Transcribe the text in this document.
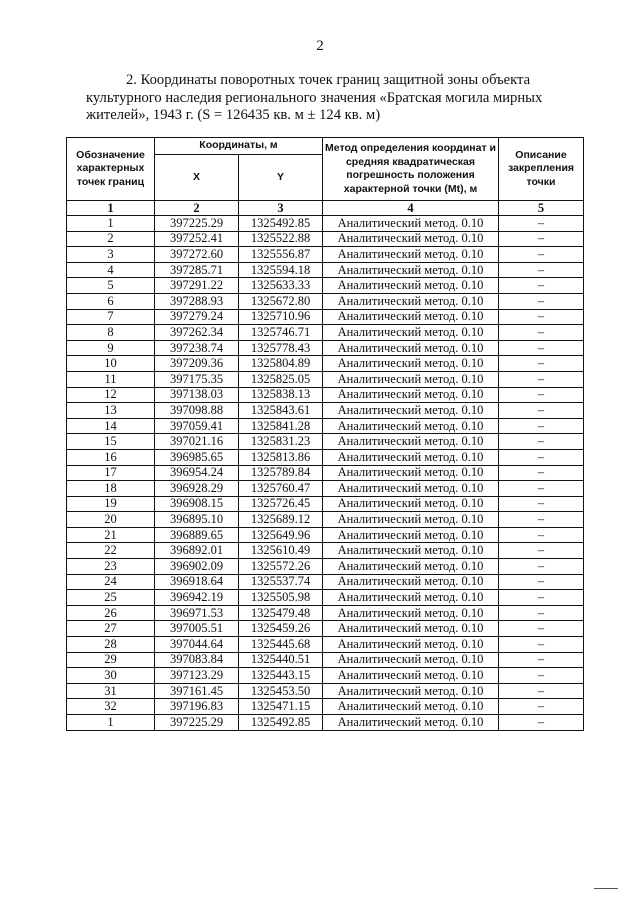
2
2. Координаты поворотных точек границ защитной зоны объекта
культурного наследия регионального значения «Братская могила мирных
жителей», 1943 г. (S = 126435 кв. м ± 124 кв. м)
Обозначение характерных точек границ	Координаты, м		Метод определения координат и средняя квадратическая погрешность положения характерной точки (Mt), м	Описание закрепления точки
	X	Y		
1	2	3	4	5
1	397225.29	1325492.85	Аналитический метод. 0.10	–
2	397252.41	1325522.88	Аналитический метод. 0.10	–
3	397272.60	1325556.87	Аналитический метод. 0.10	–
4	397285.71	1325594.18	Аналитический метод. 0.10	–
5	397291.22	1325633.33	Аналитический метод. 0.10	–
6	397288.93	1325672.80	Аналитический метод. 0.10	–
7	397279.24	1325710.96	Аналитический метод. 0.10	–
8	397262.34	1325746.71	Аналитический метод. 0.10	–
9	397238.74	1325778.43	Аналитический метод. 0.10	–
10	397209.36	1325804.89	Аналитический метод. 0.10	–
11	397175.35	1325825.05	Аналитический метод. 0.10	–
12	397138.03	1325838.13	Аналитический метод. 0.10	–
13	397098.88	1325843.61	Аналитический метод. 0.10	–
14	397059.41	1325841.28	Аналитический метод. 0.10	–
15	397021.16	1325831.23	Аналитический метод. 0.10	–
16	396985.65	1325813.86	Аналитический метод. 0.10	–
17	396954.24	1325789.84	Аналитический метод. 0.10	–
18	396928.29	1325760.47	Аналитический метод. 0.10	–
19	396908.15	1325726.45	Аналитический метод. 0.10	–
20	396895.10	1325689.12	Аналитический метод. 0.10	–
21	396889.65	1325649.96	Аналитический метод. 0.10	–
22	396892.01	1325610.49	Аналитический метод. 0.10	–
23	396902.09	1325572.26	Аналитический метод. 0.10	–
24	396918.64	1325537.74	Аналитический метод. 0.10	–
25	396942.19	1325505.98	Аналитический метод. 0.10	–
26	396971.53	1325479.48	Аналитический метод. 0.10	–
27	397005.51	1325459.26	Аналитический метод. 0.10	–
28	397044.64	1325445.68	Аналитический метод. 0.10	–
29	397083.84	1325440.51	Аналитический метод. 0.10	–
30	397123.29	1325443.15	Аналитический метод. 0.10	–
31	397161.45	1325453.50	Аналитический метод. 0.10	–
32	397196.83	1325471.15	Аналитический метод. 0.10	–
1	397225.29	1325492.85	Аналитический метод. 0.10	–
